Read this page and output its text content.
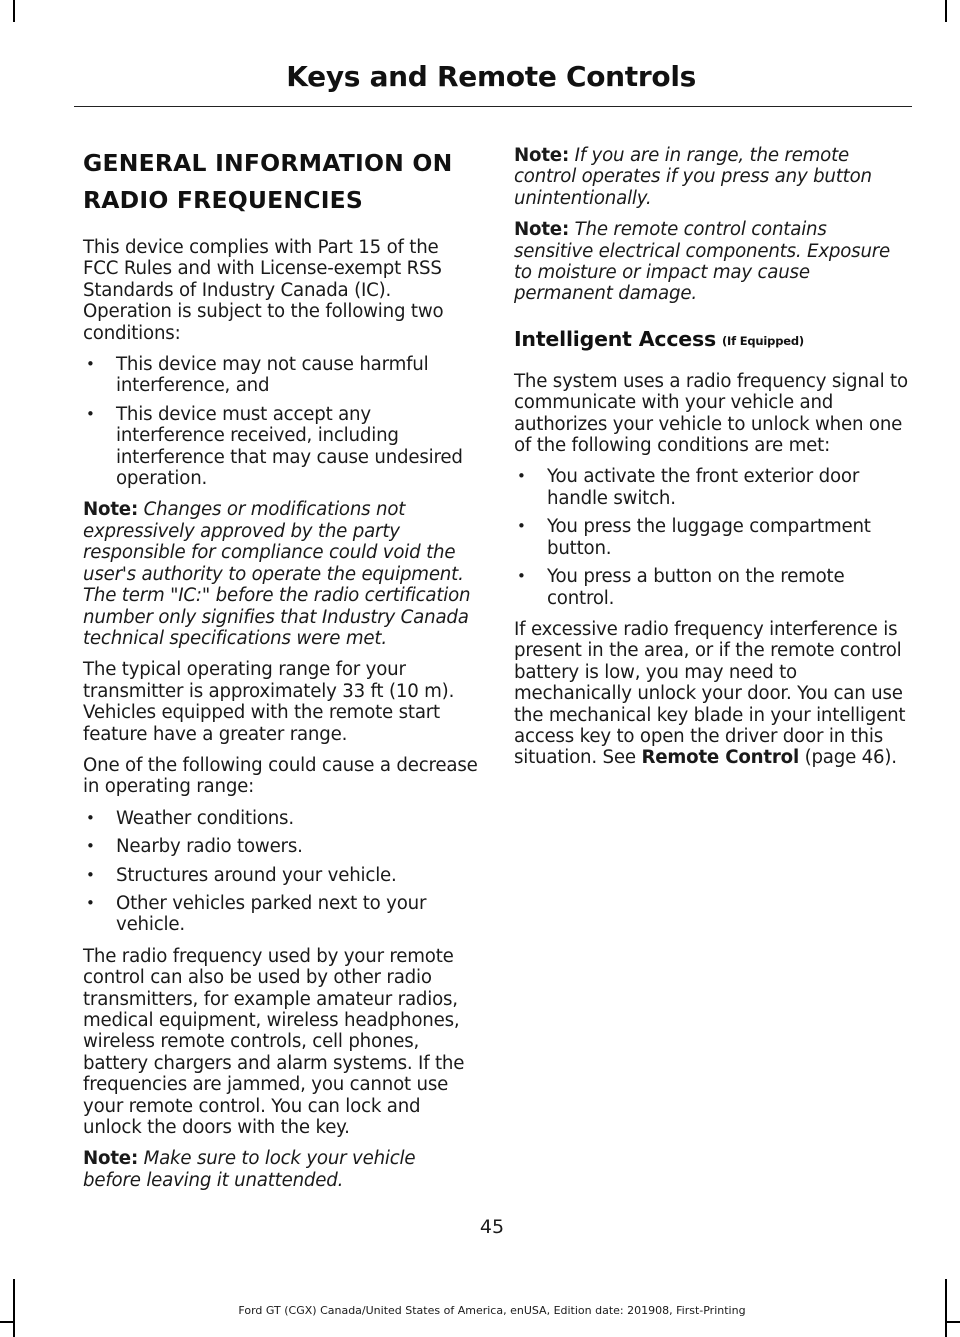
Keys and Remote Controls
GENERAL INFORMATION ON
RADIO FREQUENCIES

This device complies with Part 15 of the FCC Rules and with License-exempt RSS Standards of Industry Canada (IC). Operation is subject to the following two conditions:

• This device may not cause harmful interference, and
• This device must accept any interference received, including interference that may cause undesired operation.

Note: Changes or modifications not expressively approved by the party responsible for compliance could void the user's authority to operate the equipment. The term "IC:" before the radio certification number only signifies that Industry Canada technical specifications were met.

The typical operating range for your transmitter is approximately 33 ft (10 m). Vehicles equipped with the remote start feature have a greater range.

One of the following could cause a decrease in operating range:

• Weather conditions.
• Nearby radio towers.
• Structures around your vehicle.
• Other vehicles parked next to your vehicle.

The radio frequency used by your remote control can also be used by other radio transmitters, for example amateur radios, medical equipment, wireless headphones, wireless remote controls, cell phones, battery chargers and alarm systems. If the frequencies are jammed, you cannot use your remote control. You can lock and unlock the doors with the key.

Note: Make sure to lock your vehicle before leaving it unattended.

Note: If you are in range, the remote control operates if you press any button unintentionally.

Note: The remote control contains sensitive electrical components. Exposure to moisture or impact may cause permanent damage.

Intelligent Access (If Equipped)

The system uses a radio frequency signal to communicate with your vehicle and authorizes your vehicle to unlock when one of the following conditions are met:

• You activate the front exterior door handle switch.
• You press the luggage compartment button.
• You press a button on the remote control.

If excessive radio frequency interference is present in the area, or if the remote control battery is low, you may need to mechanically unlock your door. You can use the mechanical key blade in your intelligent access key to open the driver door in this situation. See Remote Control (page 46).

45
Ford GT (CGX) Canada/United States of America, enUSA, Edition date: 201908, First-Printing
